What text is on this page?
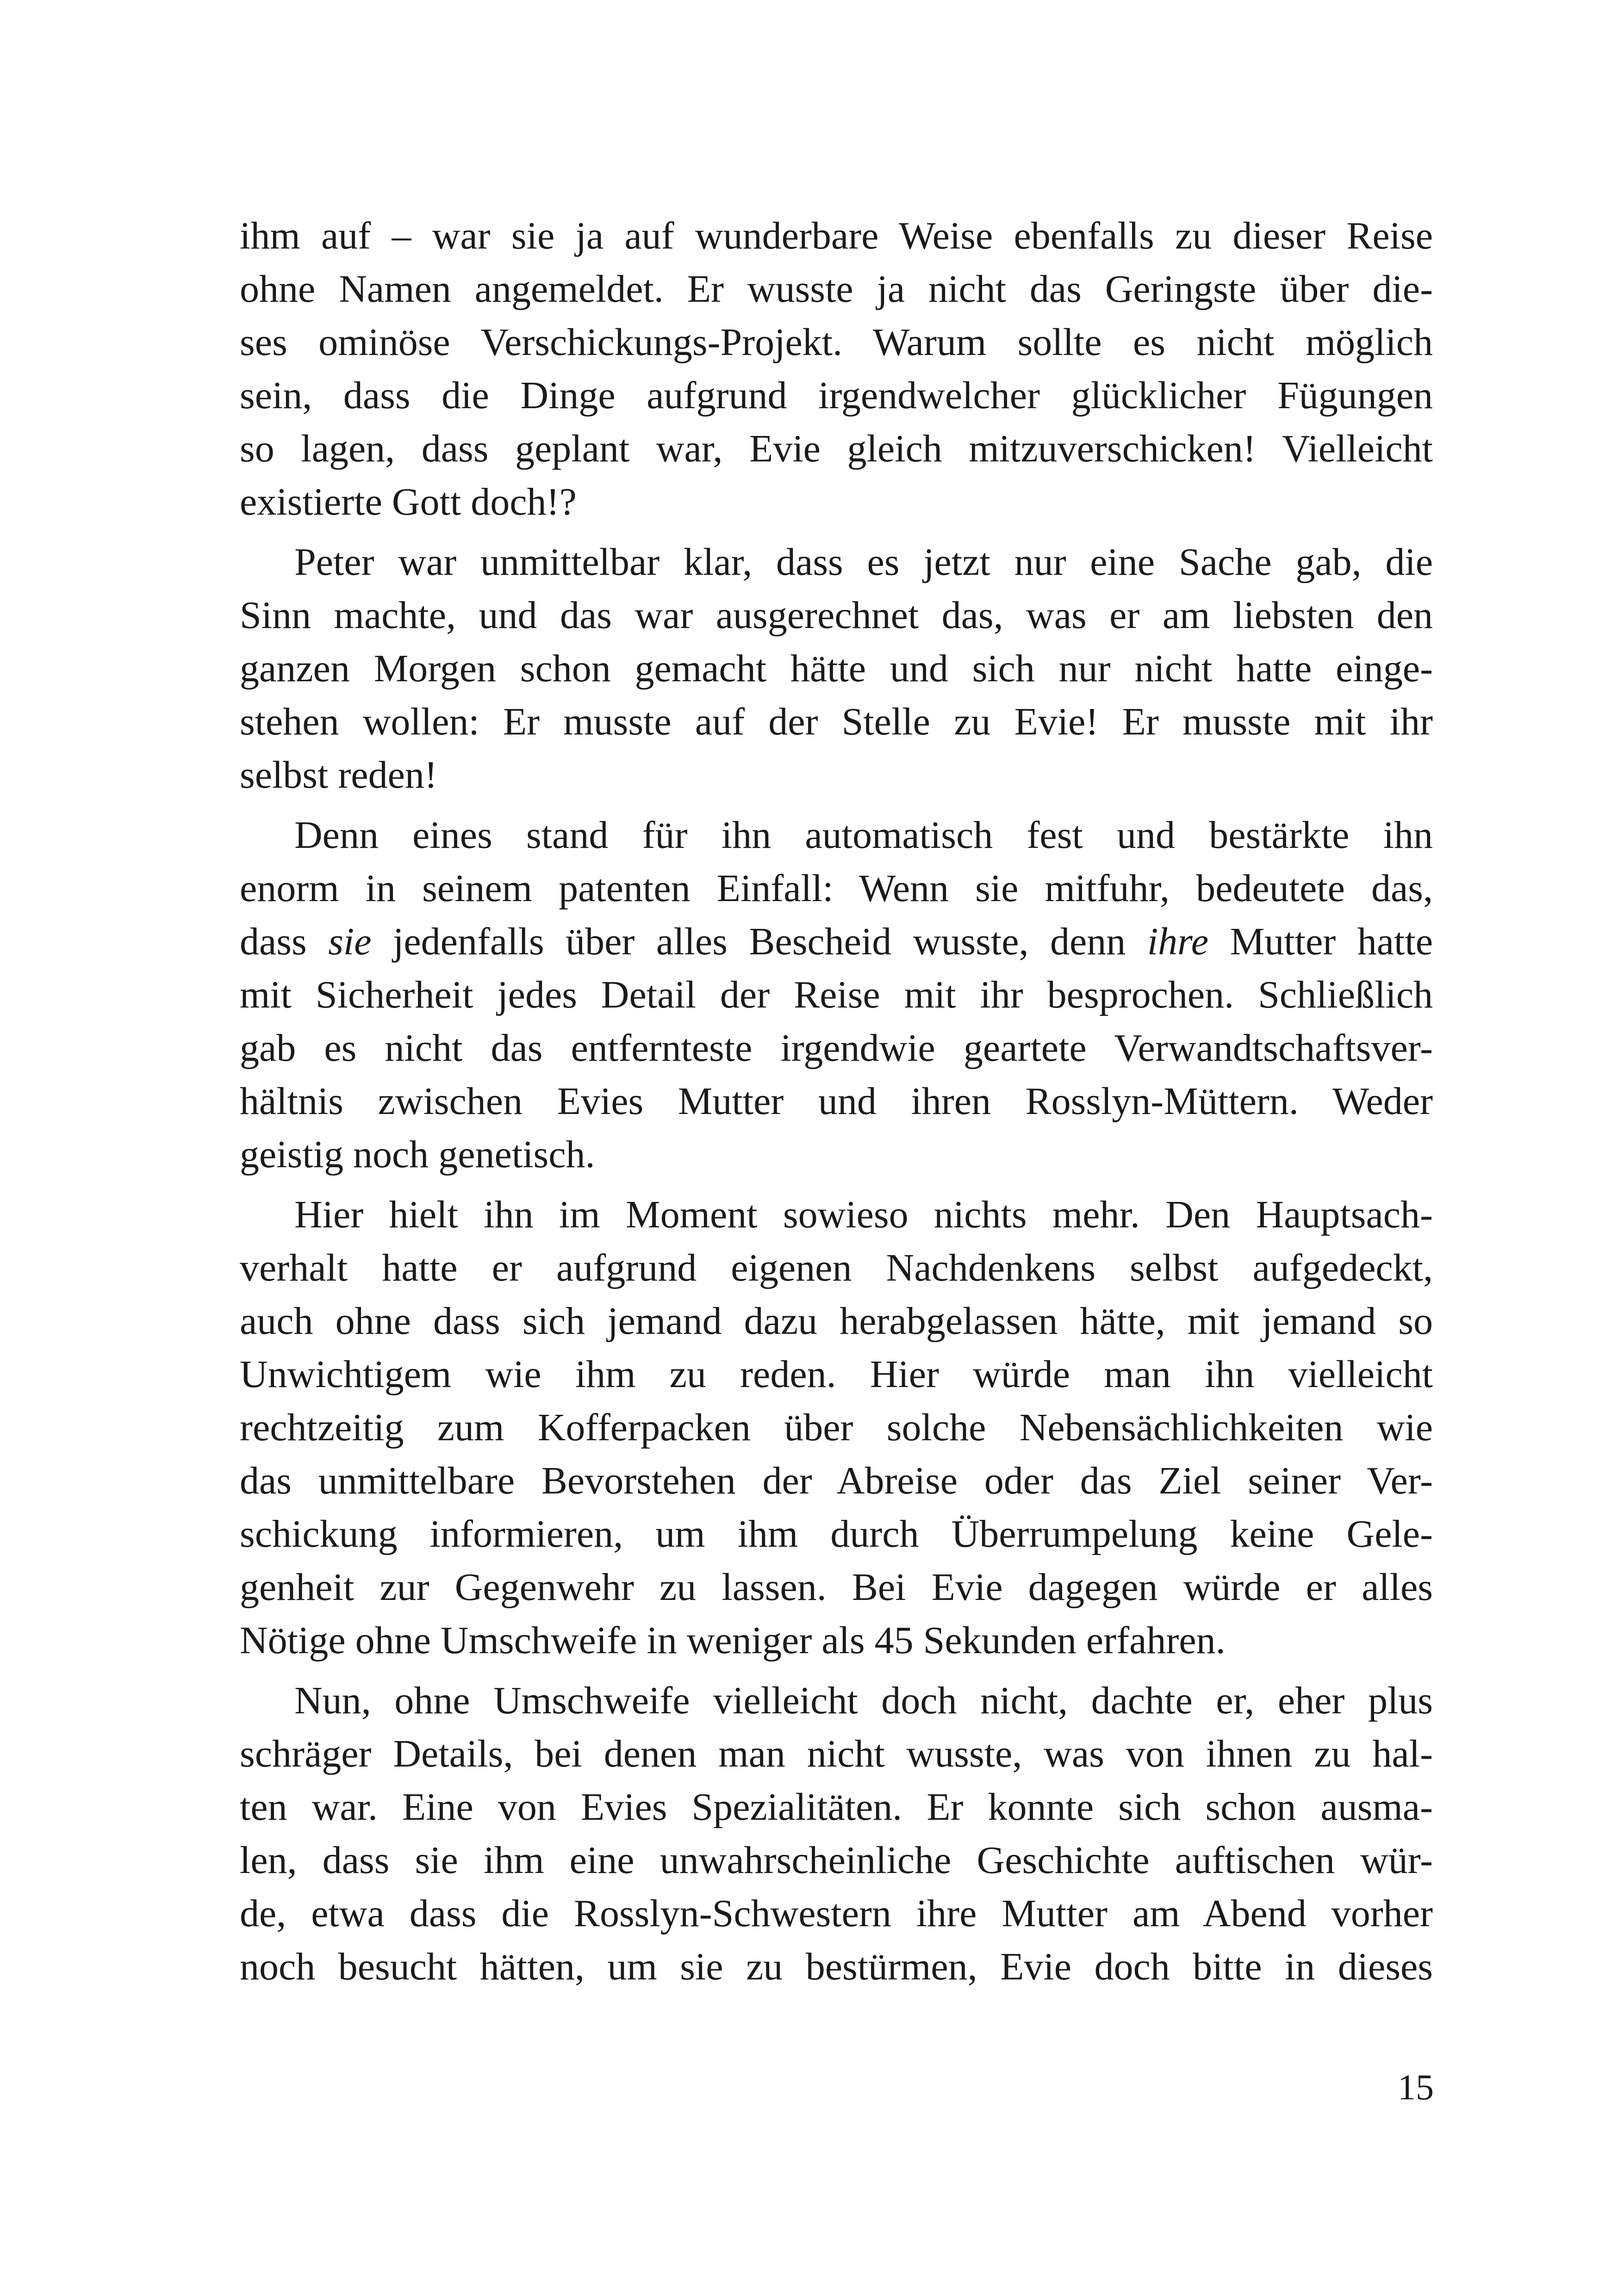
ihm auf – war sie ja auf wunderbare Weise ebenfalls zu dieser Reise
ohne Namen angemeldet. Er wusste ja nicht das Geringste über die-
ses ominöse Verschickungs-Projekt. Warum sollte es nicht möglich
sein, dass die Dinge aufgrund irgendwelcher glücklicher Fügungen
so lagen, dass geplant war, Evie gleich mitzuverschicken! Vielleicht
existierte Gott doch!?
Peter war unmittelbar klar, dass es jetzt nur eine Sache gab, die
Sinn machte, und das war ausgerechnet das, was er am liebsten den
ganzen Morgen schon gemacht hätte und sich nur nicht hatte einge-
stehen wollen: Er musste auf der Stelle zu Evie! Er musste mit ihr
selbst reden!
Denn eines stand für ihn automatisch fest und bestärkte ihn
enorm in seinem patenten Einfall: Wenn sie mitfuhr, bedeutete das,
dass sie jedenfalls über alles Bescheid wusste, denn ihre Mutter hatte
mit Sicherheit jedes Detail der Reise mit ihr besprochen. Schließlich
gab es nicht das entfernteste irgendwie geartete Verwandtschaftsver-
hältnis zwischen Evies Mutter und ihren Rosslyn-Müttern. Weder
geistig noch genetisch.
Hier hielt ihn im Moment sowieso nichts mehr. Den Hauptsach-
verhalt hatte er aufgrund eigenen Nachdenkens selbst aufgedeckt,
auch ohne dass sich jemand dazu herabgelassen hätte, mit jemand so
Unwichtigem wie ihm zu reden. Hier würde man ihn vielleicht
rechtzeitig zum Kofferpacken über solche Nebensächlichkeiten wie
das unmittelbare Bevorstehen der Abreise oder das Ziel seiner Ver-
schickung informieren, um ihm durch Überrumpelung keine Gele-
genheit zur Gegenwehr zu lassen. Bei Evie dagegen würde er alles
Nötige ohne Umschweife in weniger als 45 Sekunden erfahren.
Nun, ohne Umschweife vielleicht doch nicht, dachte er, eher plus
schräger Details, bei denen man nicht wusste, was von ihnen zu hal-
ten war. Eine von Evies Spezialitäten. Er konnte sich schon ausma-
len, dass sie ihm eine unwahrscheinliche Geschichte auftischen wür-
de, etwa dass die Rosslyn-Schwestern ihre Mutter am Abend vorher
noch besucht hätten, um sie zu bestürmen, Evie doch bitte in dieses
15
